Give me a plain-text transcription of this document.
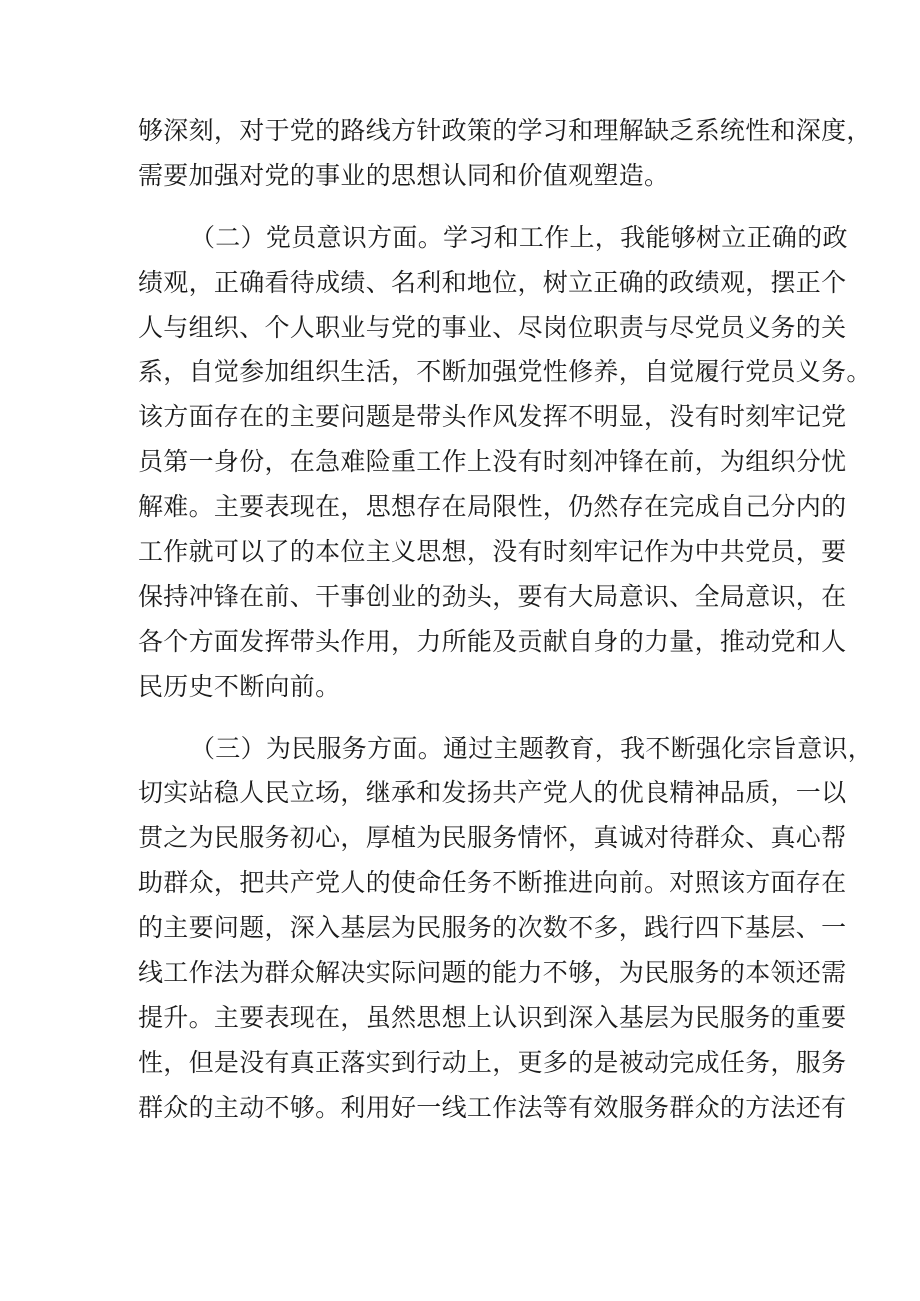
够深刻，对于党的路线方针政策的学习和理解缺乏系统性和深度，
需要加强对党的事业的思想认同和价值观塑造。
（二）党员意识方面。学习和工作上，我能够树立正确的政
绩观，正确看待成绩、名利和地位，树立正确的政绩观，摆正个
人与组织、个人职业与党的事业、尽岗位职责与尽党员义务的关
系，自觉参加组织生活，不断加强党性修养，自觉履行党员义务。
该方面存在的主要问题是带头作风发挥不明显，没有时刻牢记党
员第一身份，在急难险重工作上没有时刻冲锋在前，为组织分忧
解难。主要表现在，思想存在局限性，仍然存在完成自己分内的
工作就可以了的本位主义思想，没有时刻牢记作为中共党员，要
保持冲锋在前、干事创业的劲头，要有大局意识、全局意识，在
各个方面发挥带头作用，力所能及贡献自身的力量，推动党和人
民历史不断向前。
（三）为民服务方面。通过主题教育，我不断强化宗旨意识，
切实站稳人民立场，继承和发扬共产党人的优良精神品质，一以
贯之为民服务初心，厚植为民服务情怀，真诚对待群众、真心帮
助群众，把共产党人的使命任务不断推进向前。对照该方面存在
的主要问题，深入基层为民服务的次数不多，践行四下基层、一
线工作法为群众解决实际问题的能力不够，为民服务的本领还需
提升。主要表现在，虽然思想上认识到深入基层为民服务的重要
性，但是没有真正落实到行动上，更多的是被动完成任务，服务
群众的主动不够。利用好一线工作法等有效服务群众的方法还有
